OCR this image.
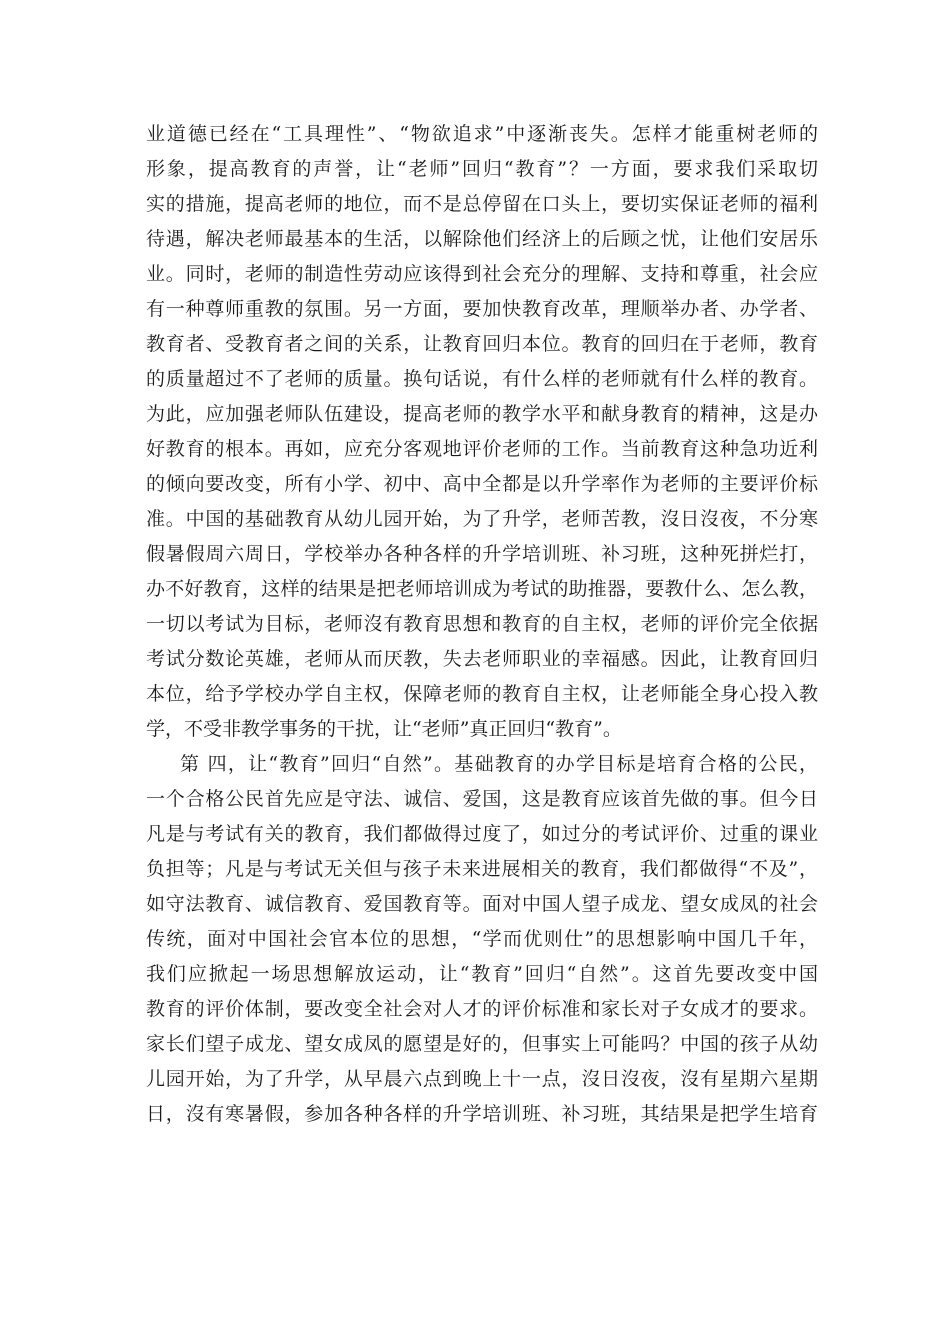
业道德已经在“工具理性”、“物欲追求”中逐渐丧失。怎样才能重树老师的
形象，提高教育的声誉，让“老师”回归“教育”？一方面，要求我们采取切
实的措施，提高老师的地位，而不是总停留在口头上，要切实保证老师的福利
待遇，解决老师最基本的生活，以解除他们经济上的后顾之忧，让他们安居乐
业。同时，老师的制造性劳动应该得到社会充分的理解、支持和尊重，社会应
有一种尊师重教的氛围。另一方面，要加快教育改革，理顺举办者、办学者、
教育者、受教育者之间的关系，让教育回归本位。教育的回归在于老师，教育
的质量超过不了老师的质量。换句话说，有什么样的老师就有什么样的教育。
为此，应加强老师队伍建设，提高老师的教学水平和献身教育的精神，这是办
好教育的根本。再如，应充分客观地评价老师的工作。当前教育这种急功近利
的倾向要改变，所有小学、初中、高中全都是以升学率作为老师的主要评价标
准。中国的基础教育从幼儿园开始，为了升学，老师苦教，沒日沒夜，不分寒
假暑假周六周日，学校举办各种各样的升学培训班、补习班，这种死拼烂打，
办不好教育，这样的结果是把老师培训成为考试的助推器，要教什么、怎么教，
一切以考试为目标，老师沒有教育思想和教育的自主权，老师的评价完全依据
考试分数论英雄，老师从而厌教，失去老师职业的幸福感。因此，让教育回归
本位，给予学校办学自主权，保障老师的教育自主权，让老师能全身心投入教
学，不受非教学事务的干扰，让“老师”真正回归“教育”。
第 四，让“教育”回归“自然”。基础教育的办学目标是培育合格的公民，
一个合格公民首先应是守法、诚信、爱国，这是教育应该首先做的事。但今日
凡是与考试有关的教育，我们都做得过度了，如过分的考试评价、过重的课业
负担等；凡是与考试无关但与孩子未来进展相关的教育，我们都做得“不及”，
如守法教育、诚信教育、爱国教育等。面对中国人望子成龙、望女成凤的社会
传统，面对中国社会官本位的思想，“学而优则仕”的思想影响中国几千年，
我们应掀起一场思想解放运动，让“教育”回归“自然”。这首先要改变中国
教育的评价体制，要改变全社会对人才的评价标准和家长对子女成才的要求。
家长们望子成龙、望女成凤的愿望是好的，但事实上可能吗？中国的孩子从幼
儿园开始，为了升学，从早晨六点到晚上十一点，沒日沒夜，沒有星期六星期
日，沒有寒暑假，参加各种各样的升学培训班、补习班，其结果是把学生培育
